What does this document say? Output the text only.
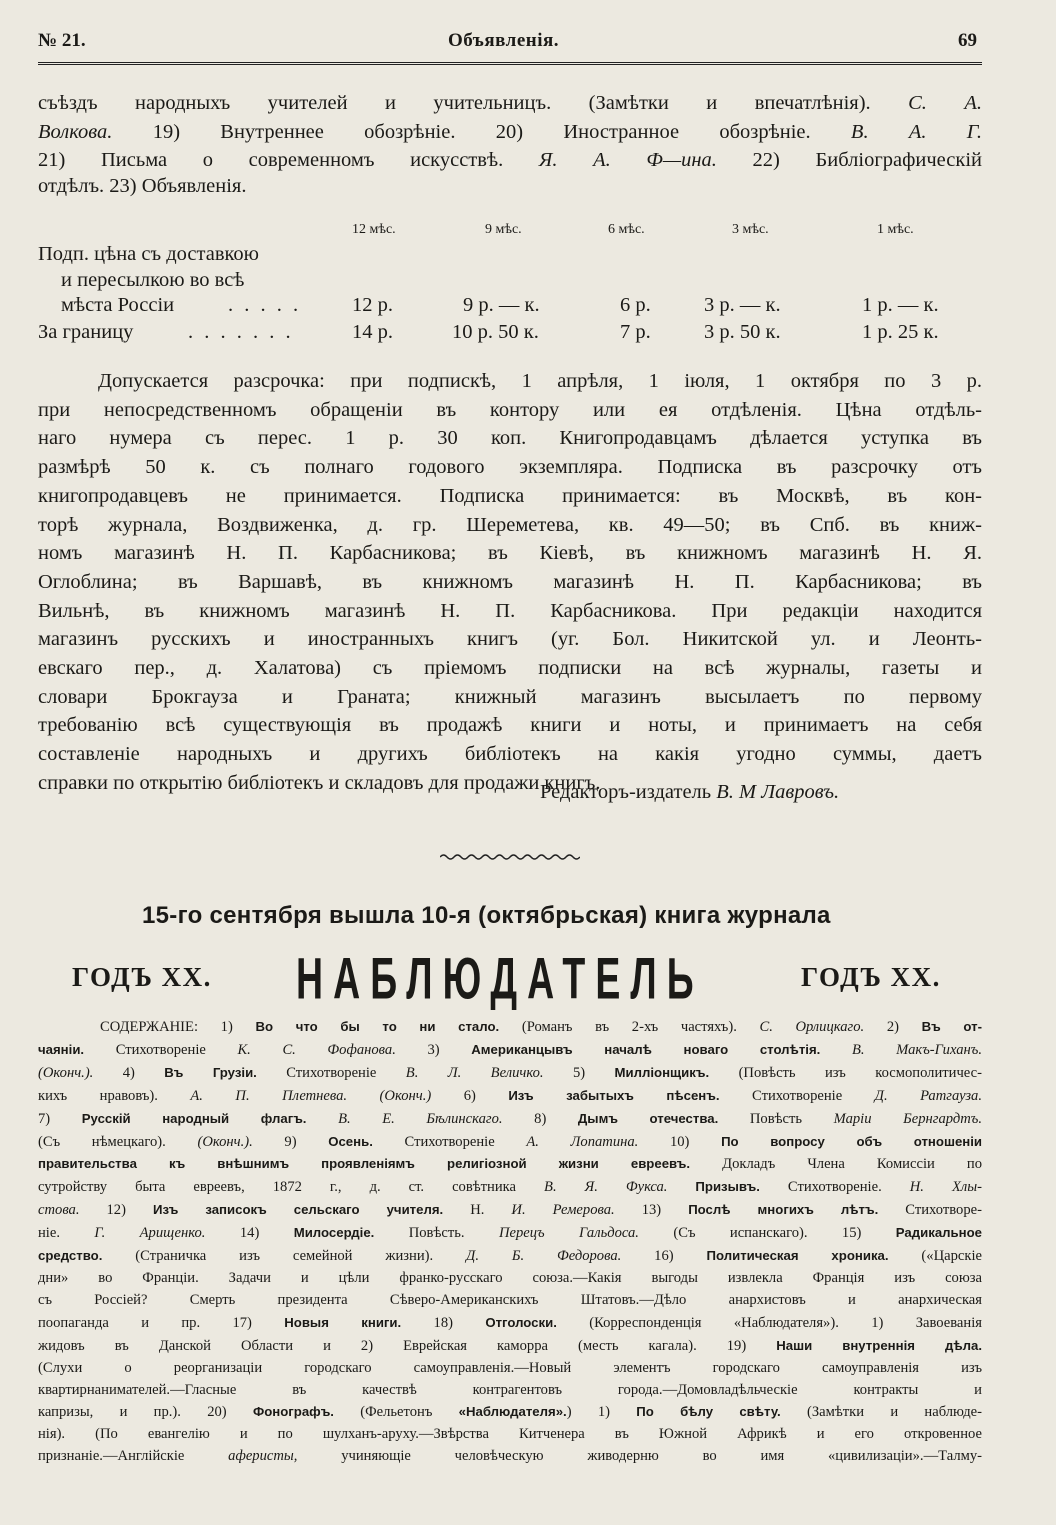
№ 21.	Объявленія.	69
съѣздъ народныхъ учителей и учительницъ. (Замѣтки и впечатлѣнія). С. А.
Волкова. 19) Внутреннее обозрѣніе. 20) Иностранное обозрѣніе. В. А. Г.
21) Письма о современномъ искусствѣ. Я. А. Ф—ина. 22) Библіографическій
отдѣлъ. 23) Объявленія.
12 мѣс.	9 мѣс.	6 мѣс.	3 мѣс.	1 мѣс.
Подп. цѣна съ доставкою
и пересылкою во всѣ
мѣста Россіи	. . . . . 12 р.	9 р. — к.	6 р.	3 р. — к.	1 р. — к.
За границу	. . . . . . .	14 р.	10 р. 50 к.	7 р.	3 р. 50 к.	1 р. 25 к.
Допускается разсрочка: при подпискѣ, 1 апрѣля, 1 іюля, 1 октября по 3 р.
при непосредственномъ обращеніи въ контору или ея отдѣленія. Цѣна отдѣль-
наго нумера съ перес. 1 р. 30 коп. Книгопродавцамъ дѣлается уступка въ
размѣрѣ 50 к. съ полнаго годового экземпляра. Подписка въ разсрочку отъ
книгопродавцевъ не принимается. Подписка принимается: въ Москвѣ, въ кон-
торѣ журнала, Воздвиженка, д. гр. Шереметева, кв. 49—50; въ Спб. въ книж-
номъ магазинѣ Н. П. Карбасникова; въ Кіевѣ, въ книжномъ магазинѣ Н. Я.
Оглоблина; въ Варшавѣ, въ книжномъ магазинѣ Н. П. Карбасникова; въ
Вильнѣ, въ книжномъ магазинѣ Н. П. Карбасникова. При редакціи находится
магазинъ русскихъ и иностранныхъ книгъ (уг. Бол. Никитской ул. и Леонть-
евскаго пер., д. Халатова) съ пріемомъ подписки на всѣ журналы, газеты и
словари Брокгауза и Граната; книжный магазинъ высылаетъ по первому
требованію всѣ существующія въ продажѣ книги и ноты, и принимаетъ на себя
составленіе народныхъ и другихъ библіотекъ на какія угодно суммы, даетъ
справки по открытію библіотекъ и складовъ для продажи книгъ.
Редакторъ-издатель В. М Лавровъ.
15-го сентября вышла 10-я (октябрьская) книга журнала
ГОДЪ XX. НАБЛЮДАТЕЛЬ	ГОДЪ XX.
СОДЕРЖАНІЕ: 1) Во что бы то ни стало. (Романъ въ 2-хъ частяхъ). С. Орлицкаго. 2) Въ от-
чаяніи. Стихотвореніе К. С. Фофанова. 3) Американцывъ началѣ новаго столѣтія. В. Макъ-Гиханъ.
(Оконч.). 4) Въ Грузіи. Стихотвореніе В. Л. Величко. 5) Милліонщикъ. (Повѣсть изъ космополитичес-
кихъ нравовъ). А. П. Плетнева. (Оконч.) 6) Изъ забытыхъ пѣсенъ. Стихотвореніе Д. Ратгауза.
7) Русскій народный флагъ. В. Е. Бѣлинскаго. 8) Дымъ отечества. Повѣсть Маріи Бернгардтъ.
(Съ нѣмецкаго). (Оконч.). 9) Осень. Стихотвореніе А. Лопатина. 10) По вопросу объ отношеніи
правительства къ внѣшнимъ проявленіямъ религіозной жизни евреевъ. Докладъ Члена Комиссіи по
сутройству быта евреевъ, 1872 г., д. ст. совѣтника В. Я. Фукса. Призывъ. Стихотвореніе. Н. Хлы-
стова. 12) Изъ записокъ сельскаго учителя. Н. И. Ремерова. 13) Послѣ многихъ лѣтъ. Стихотворе-
ніе. Г. Арищенко. 14) Милосердіе. Повѣсть. Перецъ Гальдоса. (Съ испанскаго). 15) Радикальное
средство. (Страничка изъ семейной жизни). Д. Б. Федорова. 16) Политическая хроника. («Царскіе
дни» во Франціи. Задачи и цѣли франко-русскаго союза.—Какія выгоды извлекла Франція изъ союза
съ Россіей? Смерть президента Сѣверо-Американскихъ Штатовъ.—Дѣло анархистовъ и анархическая
поопаганда и пр. 17) Новыя книги. 18) Отголоски. (Корреспонденція «Наблюдателя»). 1) Завоеванія
жидовъ въ Данской Области и 2) Еврейская каморра (месть кагала). 19) Наши внутреннія дѣла.
(Слухи о реорганизаціи городскаго самоуправленія.—Новый элементъ городскаго самоуправленія изъ
квартирнанимателей.—Гласные въ качествѣ контрагентовъ города.—Домовладѣльческіе контракты и
капризы, и пр.). 20) Фонографъ. (Фельетонъ «Наблюдателя».) 1) По бѣлу свѣту. (Замѣтки и наблюде-
нія). (По евангелію и по шулханъ-аруху.—Звѣрства Китченера въ Южной Африкѣ и его откровенное
признаніе.—Англійскіе аферисты, учиняющіе человѣческую живодерню во имя «цивилизаціи».—Талму-
